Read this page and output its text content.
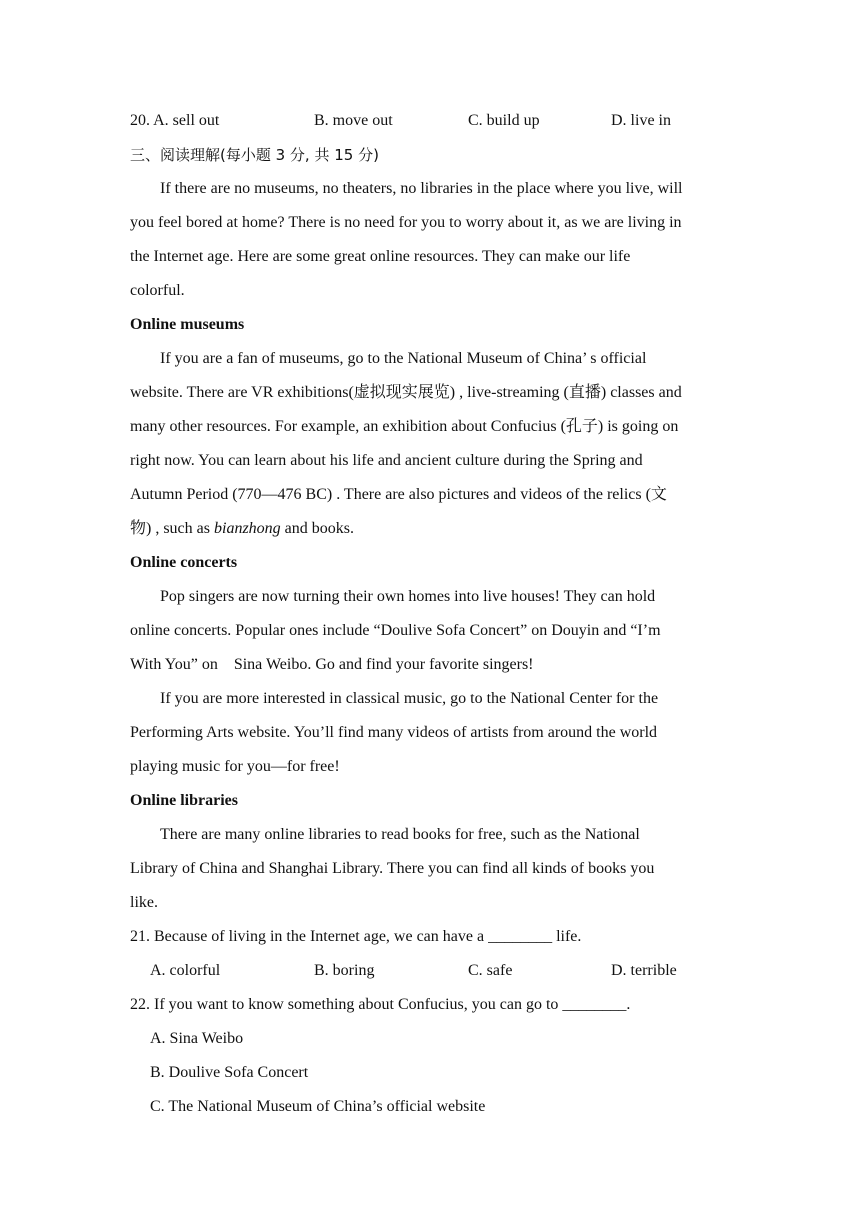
20. A. sell out	B. move out	C. build up	D. live in
三、阅读理解(每小题 3 分, 共 15 分)
If there are no museums, no theaters, no libraries in the place where you live, will
you feel bored at home? There is no need for you to worry about it, as we are living in
the Internet age. Here are some great online resources. They can make our life
colorful.
Online museums
If you are a fan of museums, go to the National Museum of China’ s official
website. There are VR exhibitions(虚拟现实展览) , live-streaming (直播) classes and
many other resources. For example, an exhibition about Confucius (孔子) is going on
right now. You can learn about his life and ancient culture during the Spring and
Autumn Period (770—476 BC) . There are also pictures and videos of the relics (文
物) , such as bianzhong and books.
Online concerts
Pop singers are now turning their own homes into live houses! They can hold
online concerts. Popular ones include “Doulive Sofa Concert” on Douyin and “I’m
With You” on    Sina Weibo. Go and find your favorite singers!
If you are more interested in classical music, go to the National Center for the
Performing Arts website. You’ll find many videos of artists from around the world
playing music for you—for free!
Online libraries
There are many online libraries to read books for free, such as the National
Library of China and Shanghai Library. There you can find all kinds of books you
like.
21. Because of living in the Internet age, we can have a ________ life.
A. colorful	B. boring	C. safe	D. terrible
22. If you want to know something about Confucius, you can go to ________.
A. Sina Weibo
B. Doulive Sofa Concert
C. The National Museum of China’s official website
